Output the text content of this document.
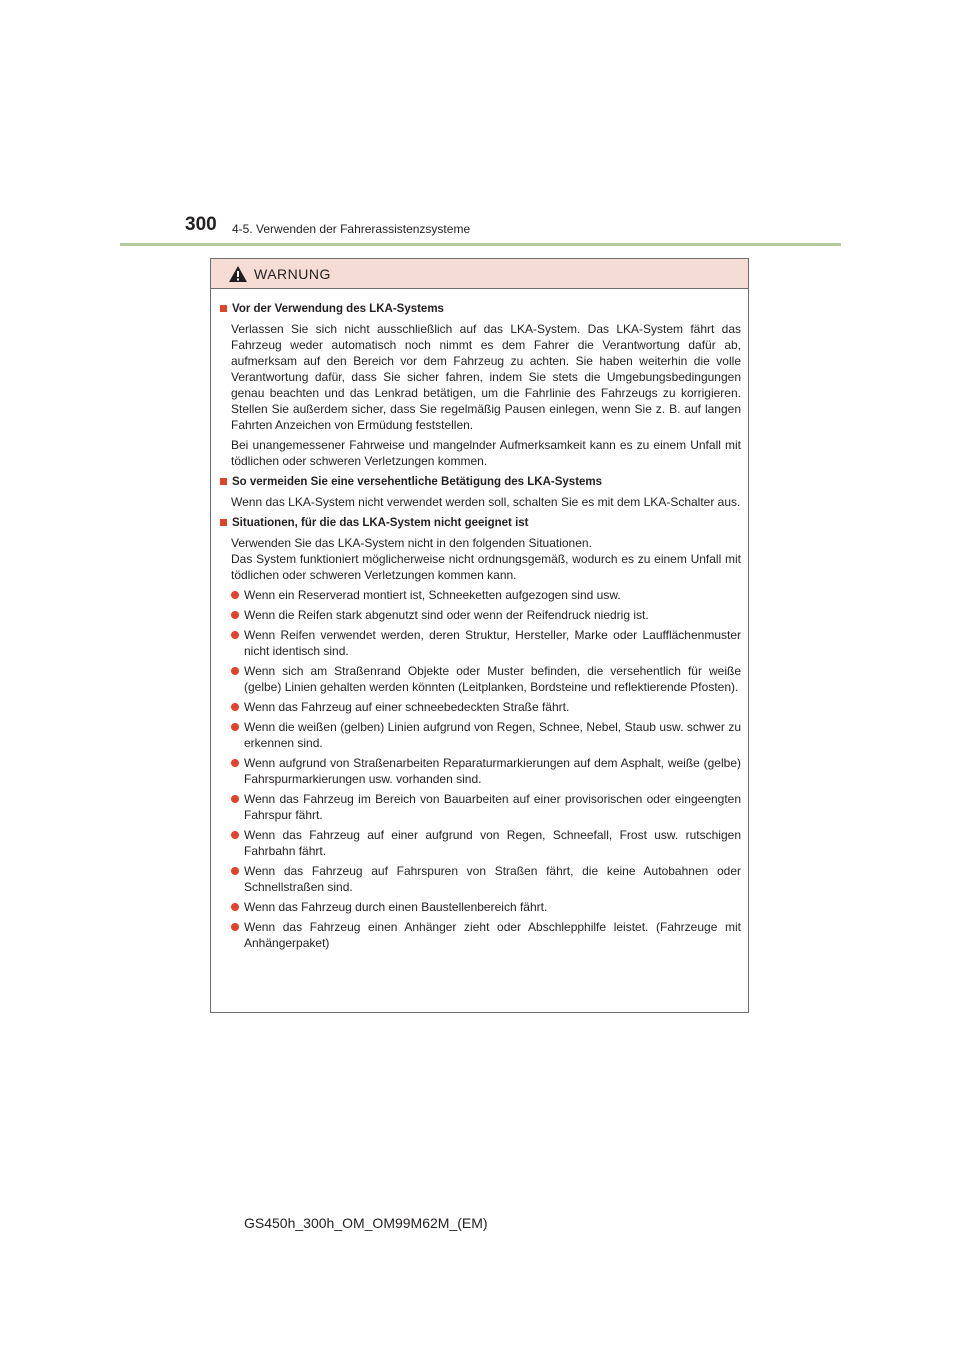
300 4-5. Verwenden der Fahrerassistenzsysteme
WARNUNG
Vor der Verwendung des LKA-Systems
Verlassen Sie sich nicht ausschließlich auf das LKA-System. Das LKA-System fährt das Fahrzeug weder automatisch noch nimmt es dem Fahrer die Verantwortung dafür ab, aufmerksam auf den Bereich vor dem Fahrzeug zu achten. Sie haben weiterhin die volle Verantwortung dafür, dass Sie sicher fahren, indem Sie stets die Umgebungsbedingungen genau beachten und das Lenkrad betätigen, um die Fahrlinie des Fahrzeugs zu korrigieren. Stellen Sie außerdem sicher, dass Sie regelmäßig Pausen einlegen, wenn Sie z. B. auf langen Fahrten Anzeichen von Ermüdung feststellen.
Bei unangemessener Fahrweise und mangelnder Aufmerksamkeit kann es zu einem Unfall mit tödlichen oder schweren Verletzungen kommen.
So vermeiden Sie eine versehentliche Betätigung des LKA-Systems
Wenn das LKA-System nicht verwendet werden soll, schalten Sie es mit dem LKA-Schalter aus.
Situationen, für die das LKA-System nicht geeignet ist
Verwenden Sie das LKA-System nicht in den folgenden Situationen.
Das System funktioniert möglicherweise nicht ordnungsgemäß, wodurch es zu einem Unfall mit tödlichen oder schweren Verletzungen kommen kann.
Wenn ein Reserverad montiert ist, Schneeketten aufgezogen sind usw.
Wenn die Reifen stark abgenutzt sind oder wenn der Reifendruck niedrig ist.
Wenn Reifen verwendet werden, deren Struktur, Hersteller, Marke oder Laufflächenmuster nicht identisch sind.
Wenn sich am Straßenrand Objekte oder Muster befinden, die versehentlich für weiße (gelbe) Linien gehalten werden könnten (Leitplanken, Bordsteine und reflektierende Pfosten).
Wenn das Fahrzeug auf einer schneebedeckten Straße fährt.
Wenn die weißen (gelben) Linien aufgrund von Regen, Schnee, Nebel, Staub usw. schwer zu erkennen sind.
Wenn aufgrund von Straßenarbeiten Reparaturmarkierungen auf dem Asphalt, weiße (gelbe) Fahrspurmarkierungen usw. vorhanden sind.
Wenn das Fahrzeug im Bereich von Bauarbeiten auf einer provisorischen oder eingeengten Fahrspur fährt.
Wenn das Fahrzeug auf einer aufgrund von Regen, Schneefall, Frost usw. rutschigen Fahrbahn fährt.
Wenn das Fahrzeug auf Fahrspuren von Straßen fährt, die keine Autobahnen oder Schnellstraßen sind.
Wenn das Fahrzeug durch einen Baustellenbereich fährt.
Wenn das Fahrzeug einen Anhänger zieht oder Abschlepphilfe leistet. (Fahrzeuge mit Anhängerpaket)
GS450h_300h_OM_OM99M62M_(EM)
